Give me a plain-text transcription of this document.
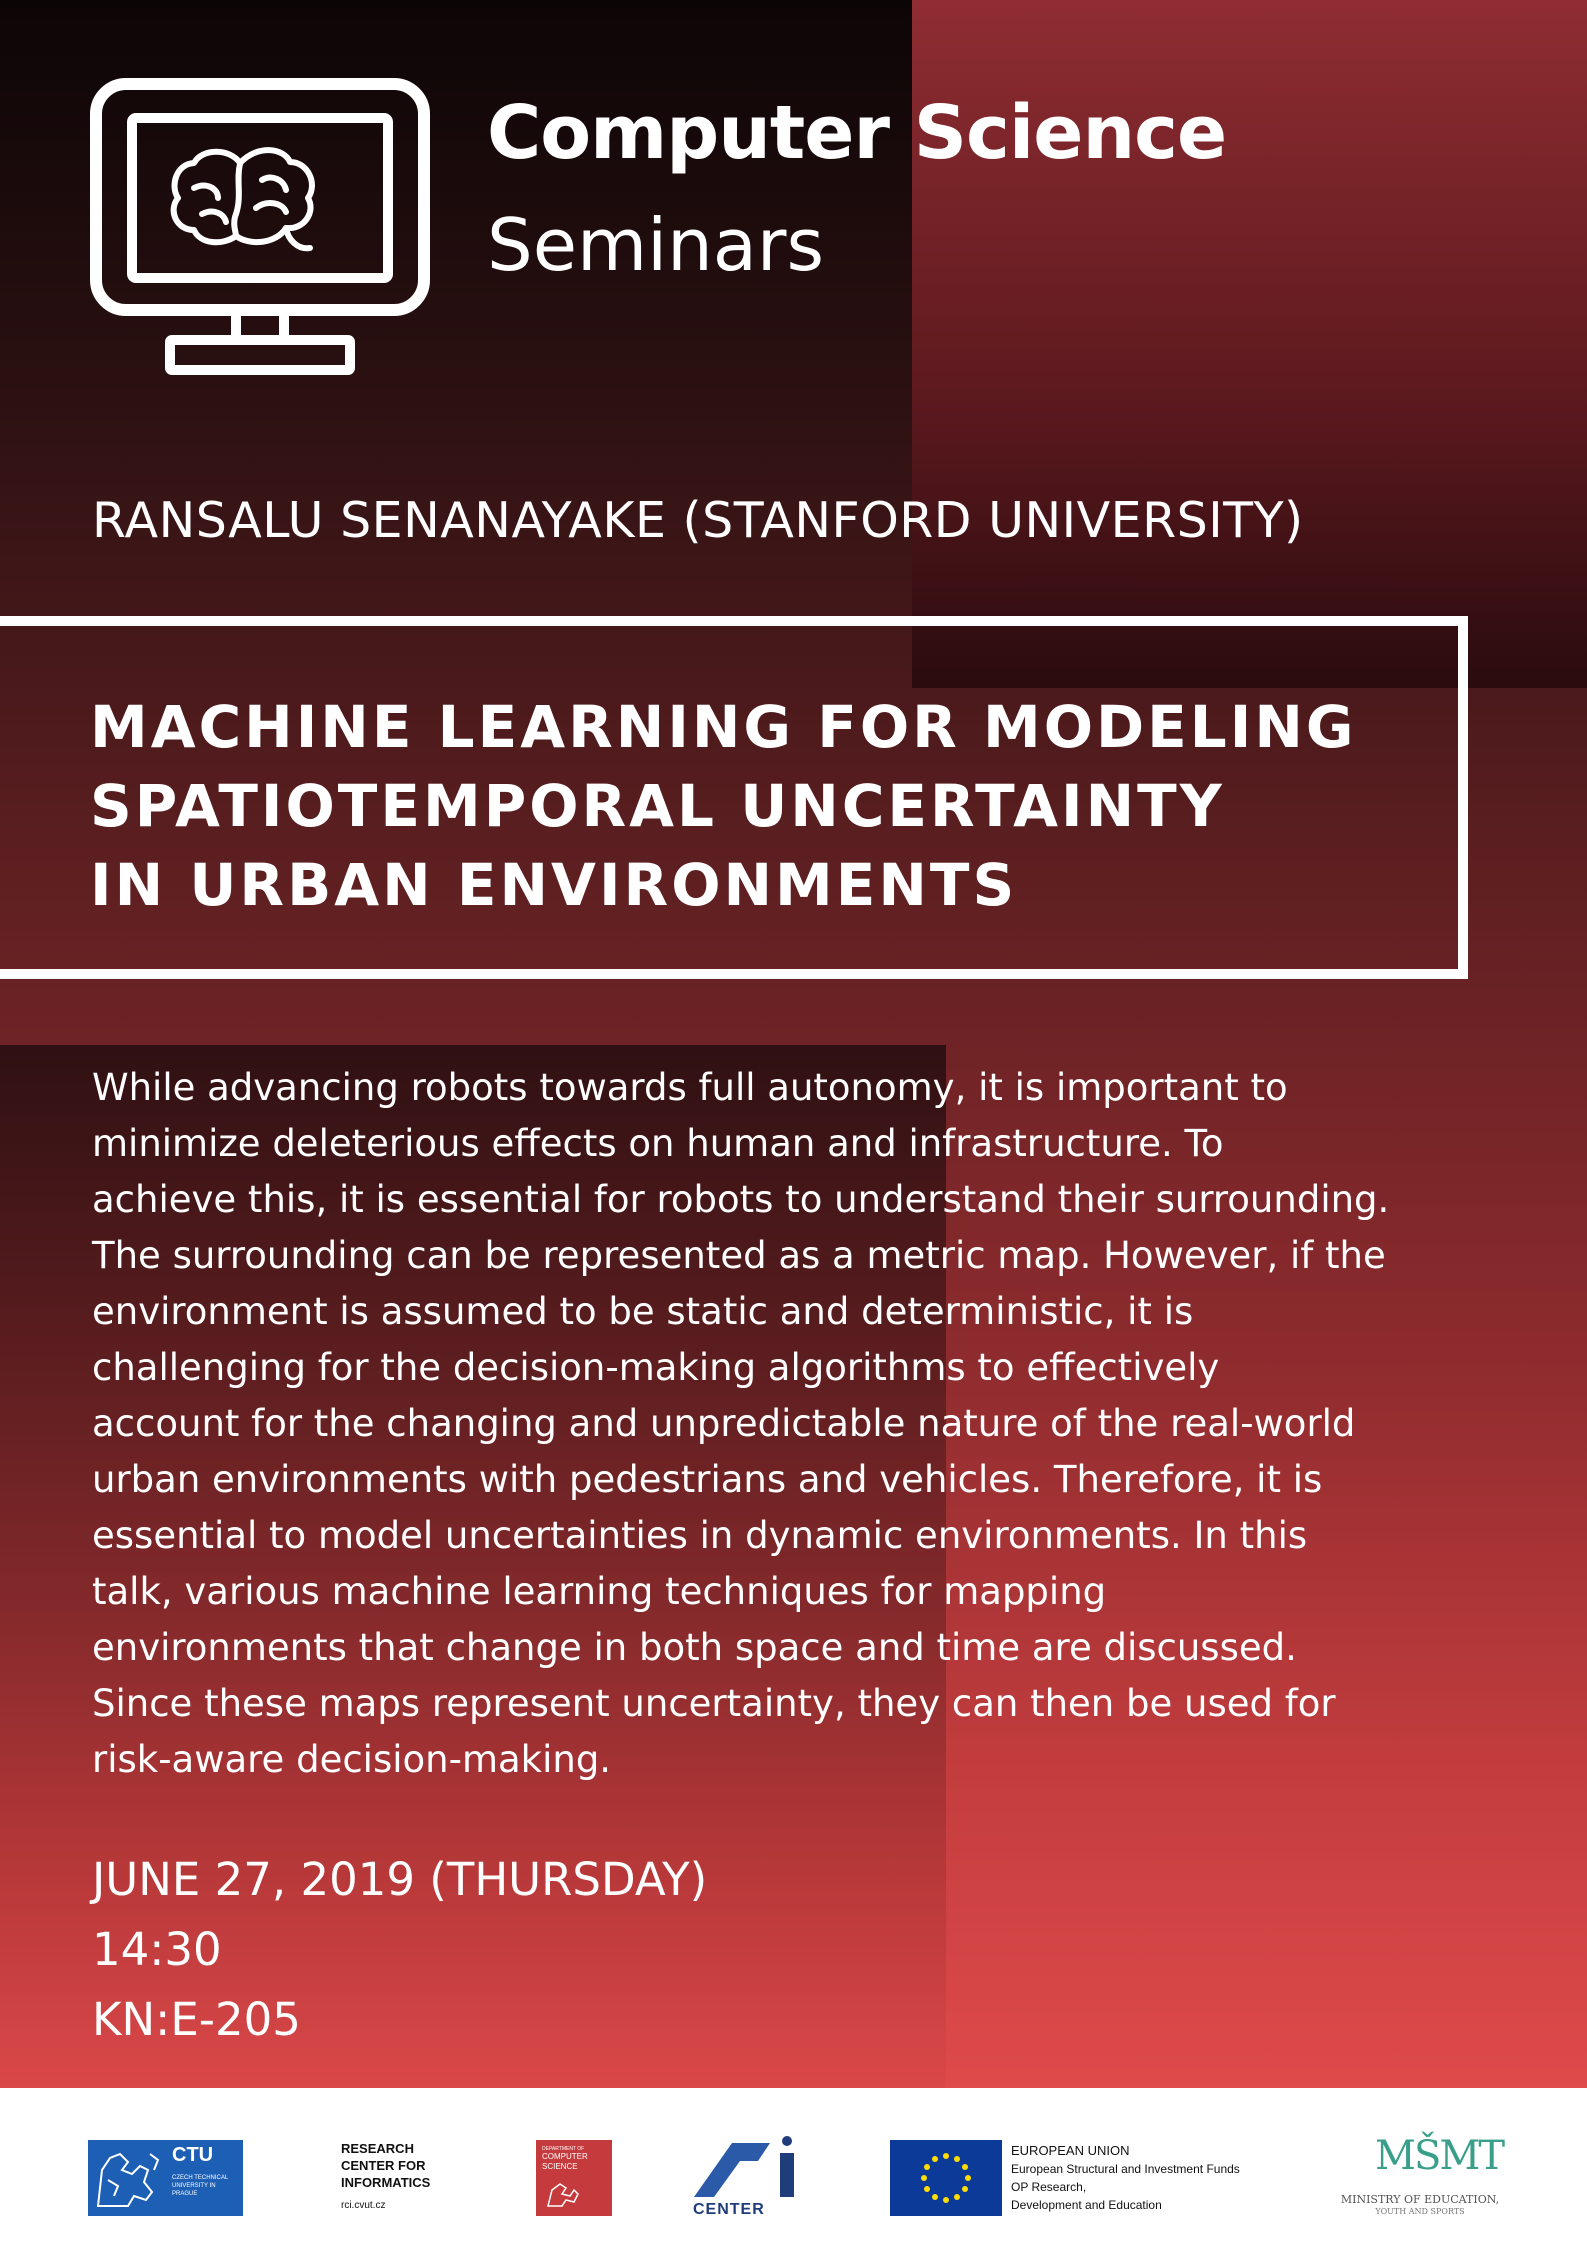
Computer Science
Seminars
RANSALU SENANAYAKE (STANFORD UNIVERSITY)
MACHINE LEARNING FOR MODELING
SPATIOTEMPORAL UNCERTAINTY
IN URBAN ENVIRONMENTS
While advancing robots towards full autonomy, it is important to
minimize deleterious effects on human and infrastructure. To
achieve this, it is essential for robots to understand their surrounding.
The surrounding can be represented as a metric map. However, if the
environment is assumed to be static and deterministic, it is
challenging for the decision-making algorithms to effectively
account for the changing and unpredictable nature of the real-world
urban environments with pedestrians and vehicles. Therefore, it is
essential to model uncertainties in dynamic environments. In this
talk, various machine learning techniques for mapping
environments that change in both space and time are discussed.
Since these maps represent uncertainty, they can then be used for
risk-aware decision-making.
JUNE 27, 2019 (THURSDAY)
14:30
KN:E-205
CTU
CZECH TECHNICAL UNIVERSITY IN PRAGUE
RESEARCH
CENTER FOR
INFORMATICS
rci.cvut.cz
DEPARTMENT OF
COMPUTER
SCIENCE
CENTER
EUROPEAN UNION
European Structural and Investment Funds
OP Research,
Development and Education
MŠMT
MINISTRY OF EDUCATION,
YOUTH AND SPORTS
